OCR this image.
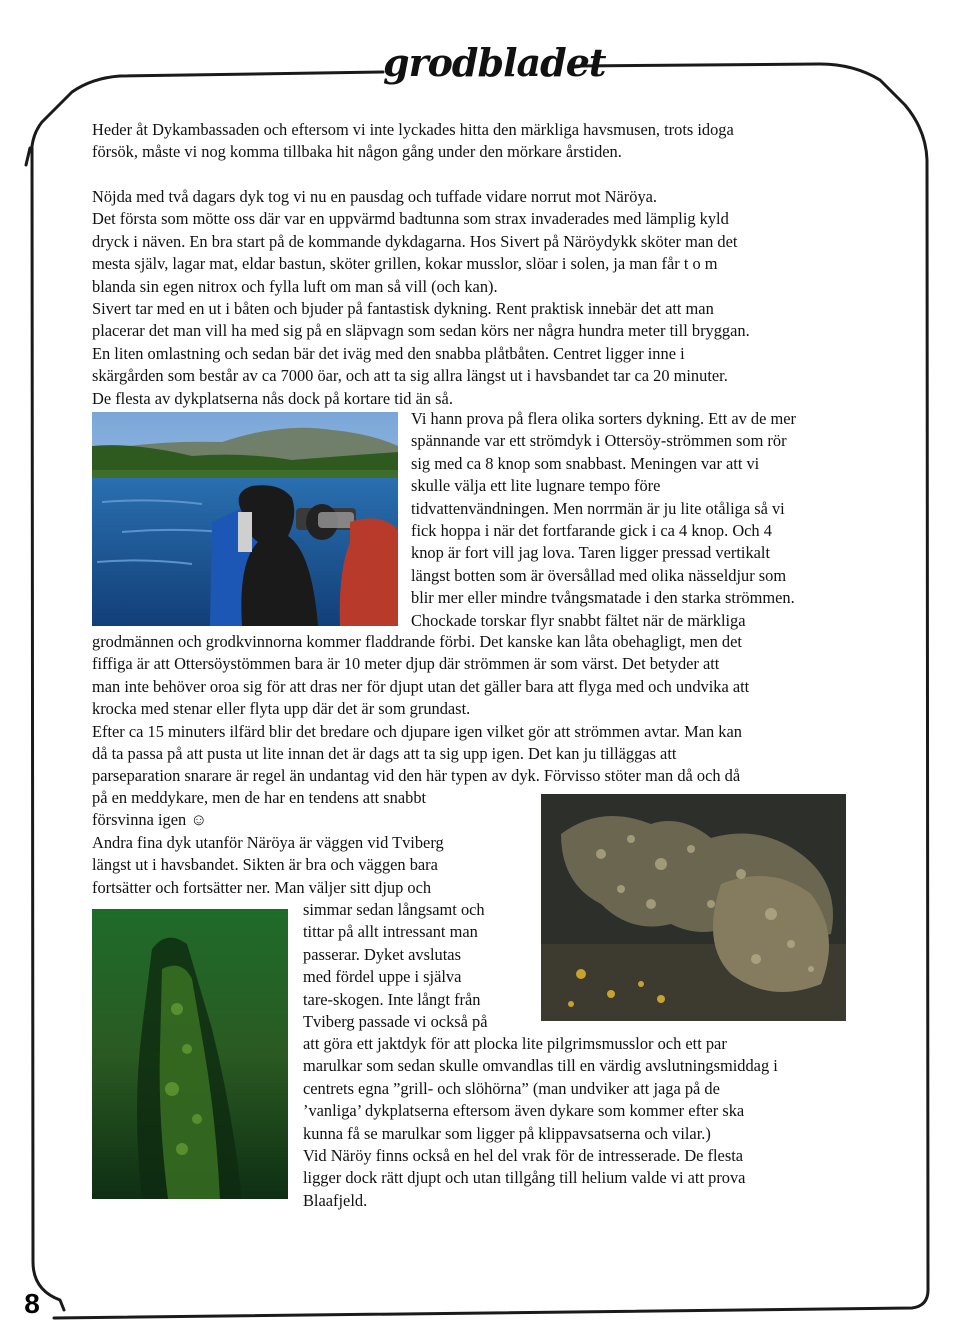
grodbladet
8
Heder åt Dykambassaden och eftersom vi inte lyckades hitta den märkliga havsmusen, trots idoga
försök, måste vi nog komma tillbaka hit någon gång under den mörkare årstiden.
Nöjda med två dagars dyk tog vi nu en pausdag och tuffade vidare norrut mot Näröya.
Det första som mötte oss där var en uppvärmd badtunna som strax invaderades med lämplig kyld
dryck i näven. En bra start på de kommande dykdagarna. Hos Sivert på Näröydykk sköter man det
mesta själv, lagar mat, eldar bastun, sköter grillen, kokar musslor, slöar i solen, ja man får t o m
blanda sin egen nitrox och fylla luft om man så vill (och kan).
Sivert tar med en ut i båten och bjuder på fantastisk dykning. Rent praktisk innebär det att man
placerar det man vill ha med sig på en släpvagn som sedan körs ner några hundra meter till bryggan.
En liten omlastning och sedan bär det iväg med den snabba plåtbåten. Centret ligger inne i
skärgården som består av ca 7000 öar, och att ta sig allra längst ut i havsbandet tar ca 20 minuter.
De flesta av dykplatserna nås dock på kortare tid än så.
Vi hann prova på flera olika sorters dykning. Ett av de mer
spännande var ett strömdyk i Ottersöy-strömmen som rör
sig med ca 8 knop som snabbast. Meningen var att vi
skulle välja ett lite lugnare tempo före
tidvattenvändningen. Men norrmän är ju lite otåliga så vi
fick hoppa i när det fortfarande gick i ca 4 knop. Och 4
knop är fort vill jag lova. Taren ligger pressad vertikalt
längst botten som är översållad med olika nässeldjur som
blir mer eller mindre tvångsmatade i den starka strömmen.
Chockade torskar flyr snabbt fältet när de märkliga
grodmännen och grodkvinnorna kommer fladdrande förbi. Det kanske kan låta obehagligt, men det
fiffiga är att Ottersöystömmen bara är 10 meter djup där strömmen är som värst. Det betyder att
man inte behöver oroa sig för att dras ner för djupt utan det gäller bara att flyga med och undvika att
krocka med stenar eller flyta upp där det är som grundast.
Efter ca 15 minuters ilfärd blir det bredare och djupare igen vilket gör att strömmen avtar. Man kan
då ta passa på att pusta ut lite innan det är dags att ta sig upp igen. Det kan ju tilläggas att
parseparation snarare är regel än undantag vid den här typen av dyk. Förvisso stöter man då och då
på en meddykare, men de har en tendens att snabbt
försvinna igen ☺
Andra fina dyk utanför Näröya är väggen vid Tviberg
längst ut i havsbandet. Sikten är bra och väggen bara
fortsätter och fortsätter ner. Man väljer sitt djup och
simmar sedan långsamt och
tittar på allt intressant man
passerar. Dyket avslutas
med fördel uppe i själva
tare-skogen. Inte långt från
Tviberg passade vi också på
att göra ett jaktdyk för att plocka lite pilgrimsmusslor och ett par
marulkar som sedan skulle omvandlas till en värdig avslutningsmiddag i
centrets egna ”grill- och slöhörna” (man undviker att jaga på de
’vanliga’ dykplatserna eftersom även dykare som kommer efter ska
kunna få se marulkar som ligger på klippavsatserna och vilar.)
Vid Näröy finns också en hel del vrak för de intresserade. De flesta
ligger dock rätt djupt och utan tillgång till helium valde vi att prova
Blaafjeld.
